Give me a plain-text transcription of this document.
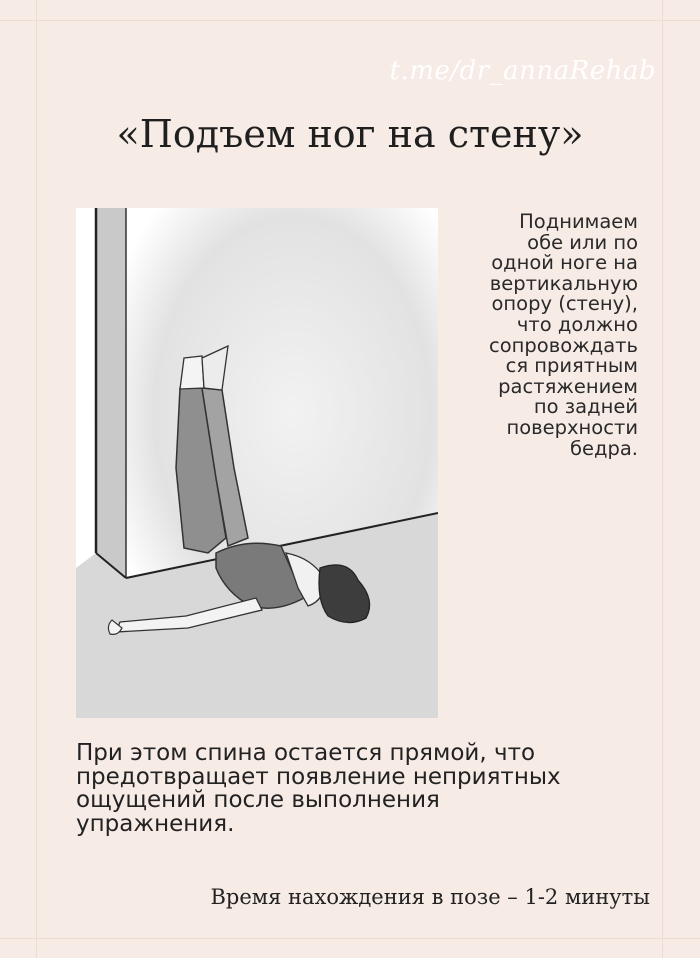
t.me/dr_annaRehab
«Подъем ног на стену»
Поднимаем
обе или по
одной ноге на
вертикальную
опору (стену),
что должно
сопровождать
ся приятным
растяжением
по задней
поверхности
бедра.
При этом спина остается прямой, что
предотвращает появление неприятных
ощущений после выполнения
упражнения.
Время нахождения в позе – 1-2 минуты
